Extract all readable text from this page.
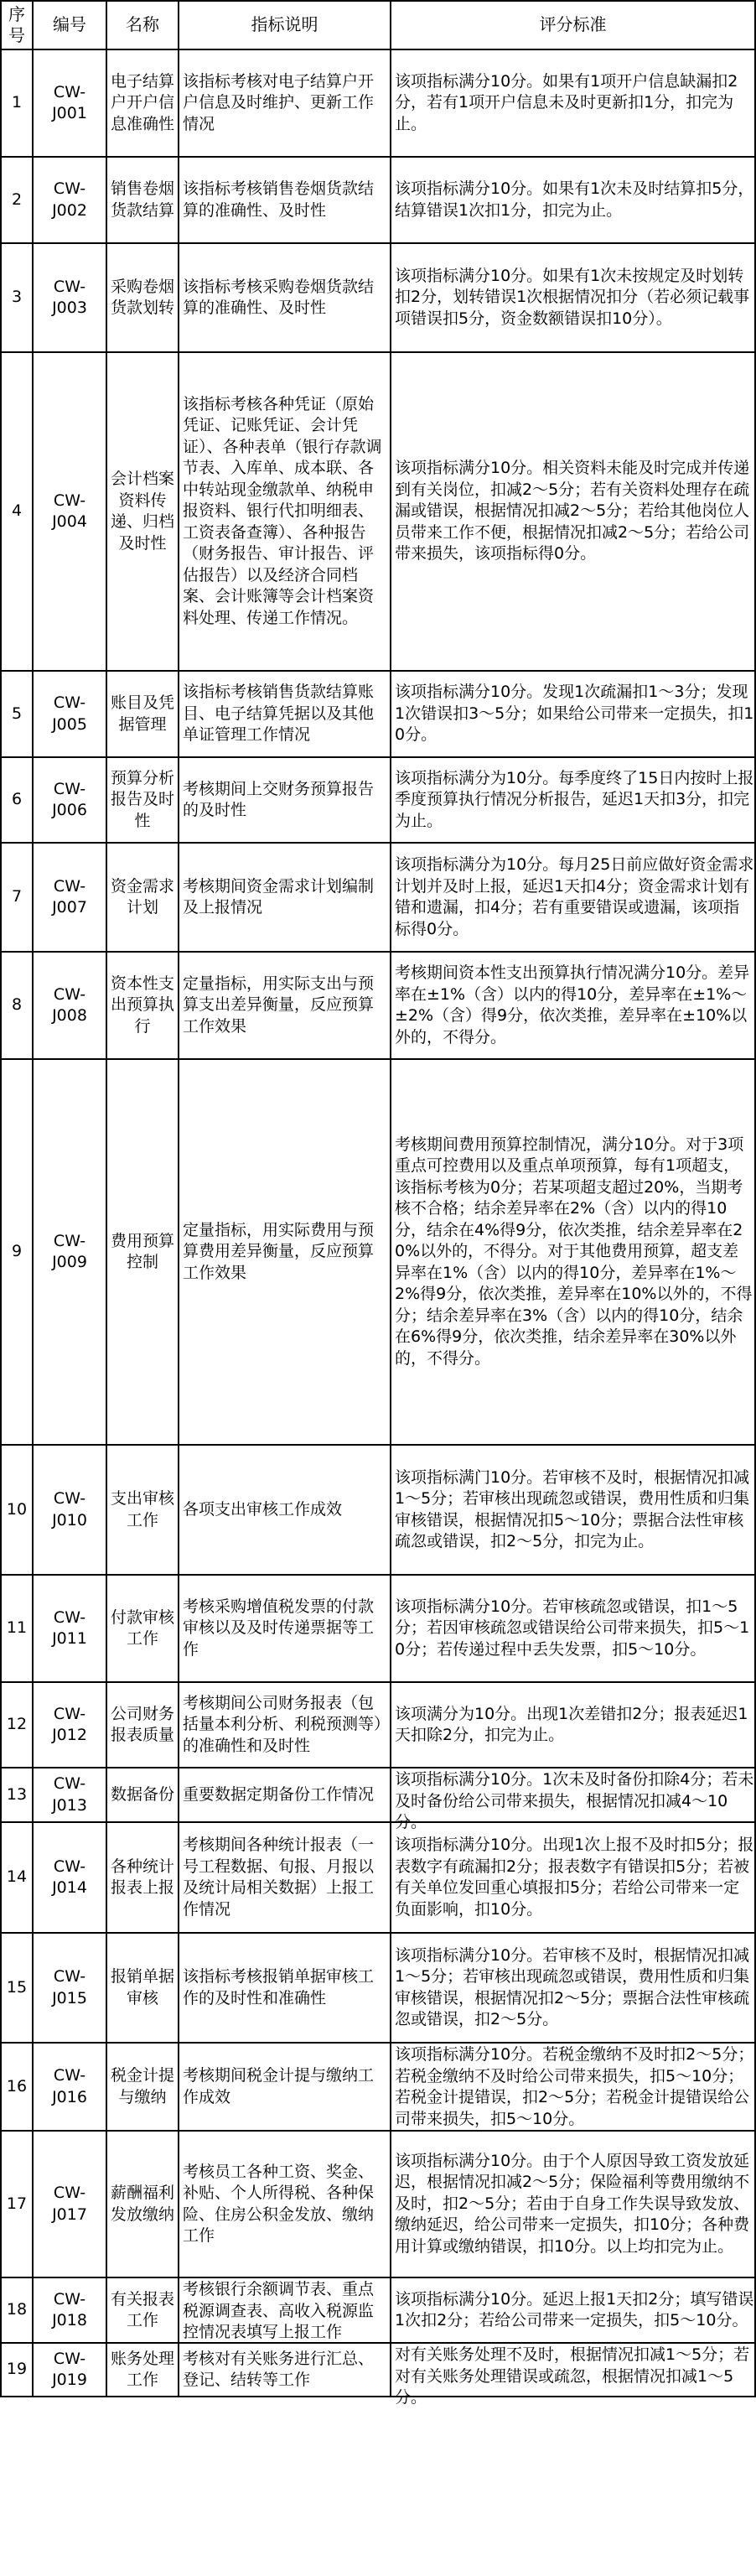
序号	编号	名称	指标说明	评分标准

1	CW-J001	电子结算户开户信息准确性	该指标考核对电子结算户开户信息及时维护、更新工作情况	该项指标满分10分。如果有1项开户信息缺漏扣2分，若有1项开户信息未及时更新扣1分，扣完为止。

2	CW-J002	销售卷烟货款结算	该指标考核销售卷烟货款结算的准确性、及时性	该项指标满分10分。如果有1次未及时结算扣5分，结算错误1次扣1分，扣完为止。

3	CW-J003	采购卷烟货款划转	该指标考核采购卷烟货款结算的准确性、及时性	该项指标满分10分。如果有1次未按规定及时划转扣2分，划转错误1次根据情况扣分（若必须记载事项错误扣5分，资金数额错误扣10分）。

4	CW-J004	会计档案资料传递、归档及时性	该指标考核各种凭证（原始凭证、记账凭证、会计凭证）、各种表单（银行存款调节表、入库单、成本联、各中转站现金缴款单、纳税申报资料、银行代扣明细表、工资表备查簿）、各种报告（财务报告、审计报告、评估报告）以及经济合同档案、会计账簿等会计档案资料处理、传递工作情况。	该项指标满分10分。相关资料未能及时完成并传递到有关岗位，扣减2～5分；若有关资料处理存在疏漏或错误，根据情况扣减2～5分；若给其他岗位人员带来工作不便，根据情况扣减2～5分；若给公司带来损失，该项指标得0分。

5	CW-J005	账目及凭据管理	该指标考核销售货款结算账目、电子结算凭据以及其他单证管理工作情况	该项指标满分10分。发现1次疏漏扣1～3分；发现1次错误扣3～5分；如果给公司带来一定损失，扣10分。

6	CW-J006	预算分析报告及时性	考核期间上交财务预算报告的及时性	该项指标满分为10分。每季度终了15日内按时上报季度预算执行情况分析报告，延迟1天扣3分，扣完为止。

7	CW-J007	资金需求计划	考核期间资金需求计划编制及上报情况	该项指标满分为10分。每月25日前应做好资金需求计划并及时上报，延迟1天扣4分；资金需求计划有错和遗漏，扣4分；若有重要错误或遗漏，该项指标得0分。

8	CW-J008	资本性支出预算执行	定量指标，用实际支出与预算支出差异衡量，反应预算工作效果	考核期间资本性支出预算执行情况满分10分。差异率在±1%（含）以内的得10分，差异率在±1%～±2%（含）得9分，依次类推，差异率在±10%以外的，不得分。

9	CW-J009	费用预算控制	定量指标，用实际费用与预算费用差异衡量，反应预算工作效果	考核期间费用预算控制情况，满分10分。对于3项重点可控费用以及重点单项预算，每有1项超支，该指标考核为0分；若某项超支超过20%，当期考核不合格；结余差异率在2%（含）以内的得10分，结余在4%得9分，依次类推，结余差异率在20%以外的，不得分。对于其他费用预算，超支差异率在1%（含）以内的得10分，差异率在1%～2%得9分，依次类推，差异率在10%以外的，不得分；结余差异率在3%（含）以内的得10分，结余在6%得9分，依次类推，结余差异率在30%以外的，不得分。

10	CW-J010	支出审核工作	各项支出审核工作成效	该项指标满门10分。若审核不及时，根据情况扣减1～5分；若审核出现疏忽或错误，费用性质和归集审核错误，根据情况扣5～10分；票据合法性审核疏忽或错误，扣2～5分，扣完为止。

11	CW-J011	付款审核工作	考核采购增值税发票的付款审核以及及时传递票据等工作	该项指标满分10分。若审核疏忽或错误，扣1～5分；若因审核疏忽或错误给公司带来损失，扣5～10分；若传递过程中丢失发票，扣5～10分。

12	CW-J012	公司财务报表质量	考核期间公司财务报表（包括量本利分析、利税预测等）的准确性和及时性	该项满分为10分。出现1次差错扣2分；报表延迟1天扣除2分，扣完为止。

13	CW-J013	数据备份	重要数据定期备份工作情况	该项指标满分10分。1次未及时备份扣除4分；若未及时备份给公司带来损失，根据情况扣减4～10分。

14	CW-J014	各种统计报表上报	考核期间各种统计报表（一号工程数据、旬报、月报以及统计局相关数据）上报工作情况	该项指标满分10分。出现1次上报不及时扣5分；报表数字有疏漏扣2分；报表数字有错误扣5分；若被有关单位发回重心填报扣5分；若给公司带来一定负面影响，扣10分。

15	CW-J015	报销单据审核	该指标考核报销单据审核工作的及时性和准确性	该项指标满分10分。若审核不及时，根据情况扣减1～5分；若审核出现疏忽或错误，费用性质和归集审核错误，根据情况扣2～5分；票据合法性审核疏忽或错误，扣2～5分。

16	CW-J016	税金计提与缴纳	考核期间税金计提与缴纳工作成效	该项指标满分10分。若税金缴纳不及时扣2～5分；若税金缴纳不及时给公司带来损失，扣5～10分；若税金计提错误，扣2～5分；若税金计提错误给公司带来损失，扣5～10分。

17	CW-J017	薪酬福利发放缴纳	考核员工各种工资、奖金、补贴、个人所得税、各种保险、住房公积金发放、缴纳工作	该项指标满分10分。由于个人原因导致工资发放延迟，根据情况扣减2～5分；保险福利等费用缴纳不及时，扣2～5分；若由于自身工作失误导致发放、缴纳延迟，给公司带来一定损失，扣10分；各种费用计算或缴纳错误，扣10分。以上均扣完为止。

18	CW-J018	有关报表工作	考核银行余额调节表、重点税源调查表、高收入税源监控情况表填写上报工作	该项指标满分10分。延迟上报1天扣2分；填写错误1次扣2分；若给公司带来一定损失，扣5～10分。

19	CW-J019	账务处理工作	考核对有关账务进行汇总、登记、结转等工作	对有关账务处理不及时，根据情况扣减1～5分；若对有关账务处理错误或疏忽，根据情况扣减1～5分。
